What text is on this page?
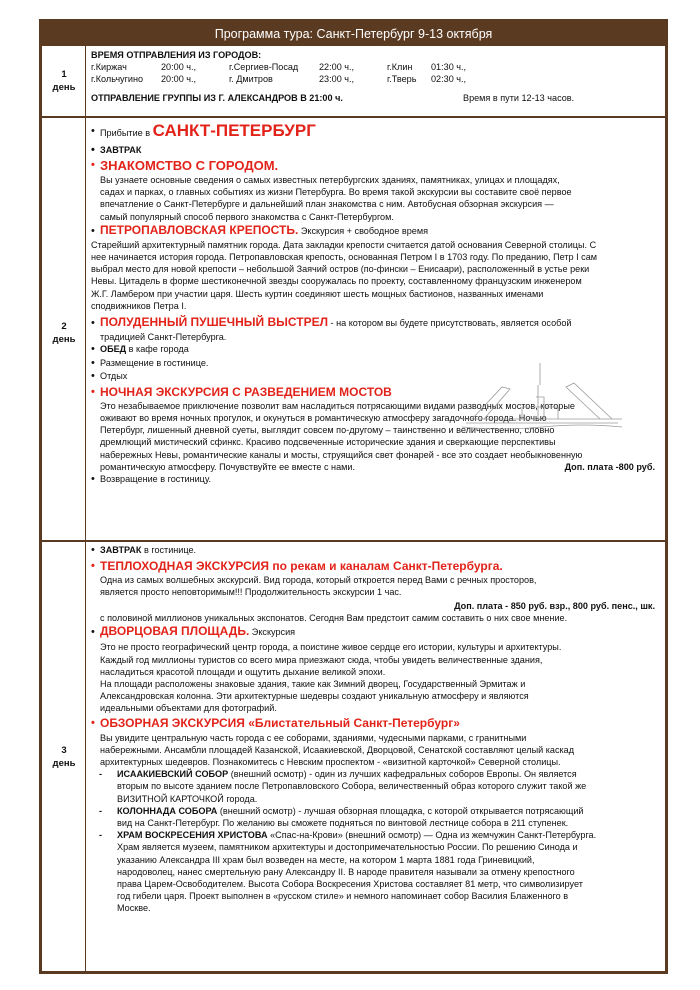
Программа тура: Санкт-Петербург 9-13 октября
1
день
ВРЕМЯ ОТПРАВЛЕНИЯ ИЗ ГОРОДОВ:
г.Киржач	20:00 ч.,	г.Сергиев-Посад 22:00 ч.,	г.Клин 01:30 ч.,
г.Кольчугино 20:00 ч.,	г. Дмитров	23:00 ч.,	г.Тверь 02:30 ч.,
ОТПРАВЛЕНИЕ ГРУППЫ ИЗ Г. АЛЕКСАНДРОВ В 21:00 ч.	Время в пути 12-13 часов.
2
день
• Прибытие в САНКТ-ПЕТЕРБУРГ
• ЗАВТРАК
• ЗНАКОМСТВО С ГОРОДОМ.
Вы узнаете основные сведения о самых известных петербургских зданиях, памятниках, улицах и площадях,
садах и парках, о главных событиях из жизни Петербурга. Во время такой экскурсии вы составите своё первое
впечатление о Санкт-Петербурге и дальнейший план знакомства с ним. Автобусная обзорная экскурсия —
самый популярный способ первого знакомства с Санкт-Петербургом.
• ПЕТРОПАВЛОВСКАЯ КРЕПОСТЬ. Экскурсия + свободное время
Старейший архитектурный памятник города. Дата закладки крепости считается датой основания Северной столицы. С
нее начинается история города. Петропавловская крепость, основанная Петром I в 1703 году. По преданию, Петр I сам
выбрал место для новой крепости – небольшой Заячий остров (по-фински – Енисаари), расположенный в устье реки
Невы. Цитадель в форме шестиконечной звезды сооружалась по проекту, составленному французским инженером
Ж.Г. Ламбером при участии царя. Шесть куртин соединяют шесть мощных бастионов, названных именами
сподвижников Петра I.
• ПОЛУДЕННЫЙ ПУШЕЧНЫЙ ВЫСТРЕЛ - на котором вы будете присутствовать, является особой
традицией Санкт-Петербурга.
• ОБЕД в кафе города
• Размещение в гостинице.
• Отдых
• НОЧНАЯ ЭКСКУРСИЯ С РАЗВЕДЕНИЕМ МОСТОВ
Это незабываемое приключение позволит вам насладиться потрясающими видами разводных мостов, которые
оживают во время ночных прогулок, и окунуться в романтическую атмосферу загадочного города. Ночью
Петербург, лишенный дневной суеты, выглядит совсем по-другому – таинственно и величественно, словно
дремлющий мистический сфинкс. Красиво подсвеченные исторические здания и сверкающие перспективы
набережных Невы, романтические каналы и мосты, струящийся свет фонарей - все это создает необыкновенную
романтическую атмосферу. Почувствуйте ее вместе с нами.	Доп. плата -800 руб.
• Возвращение в гостиницу.
3
день
• ЗАВТРАК в гостинице.
• ТЕПЛОХОДНАЯ ЭКСКУРСИЯ по рекам и каналам Санкт-Петербурга.
Одна из самых волшебных экскурсий. Вид города, который откроется перед Вами с речных просторов,
является просто неповторимым!!! Продолжительность экскурсии 1 час.
Доп. плата - 850 руб. взр., 800 руб. пенс., шк.
с половиной миллионов уникальных экспонатов. Сегодня Вам предстоит самим составить о них свое мнение.
• ДВОРЦОВАЯ ПЛОЩАДЬ. Экскурсия
Это не просто географический центр города, а поистине живое сердце его истории, культуры и архитектуры.
Каждый год миллионы туристов со всего мира приезжают сюда, чтобы увидеть величественные здания,
насладиться красотой площади и ощутить дыхание великой эпохи.
На площади расположены знаковые здания, такие как Зимний дворец, Государственный Эрмитаж и
Александровская колонна. Эти архитектурные шедевры создают уникальную атмосферу и являются
идеальными объектами для фотографий.
• ОБЗОРНАЯ ЭКСКУРСИЯ «Блистательный Санкт-Петербург»
Вы увидите центральную часть города с ее соборами, зданиями, чудесными парками, с гранитными
набережными. Ансамбли площадей Казанской, Исаакиевской, Дворцовой, Сенатской составляют целый каскад
архитектурных шедевров. Познакомитесь с Невским проспектом - «визитной карточкой» Северной столицы.
- ИСААКИЕВСКИЙ СОБОР (внешний осмотр) - один из лучших кафедральных соборов Европы. Он является
вторым по высоте зданием после Петропавловского Собора, величественный образ которого служит такой же
ВИЗИТНОЙ КАРТОЧКОЙ города.
- КОЛОННАДА СОБОРА (внешний осмотр) - лучшая обзорная площадка, с которой открывается потрясающий
вид на Санкт-Петербург. По желанию вы сможете подняться по винтовой лестнице собора в 211 ступенек.
- ХРАМ ВОСКРЕСЕНИЯ ХРИСТОВА «Спас-на-Крови» (внешний осмотр) — Одна из жемчужин Санкт-Петербурга.
Храм является музеем, памятником архитектуры и достопримечательностью России. По решению Синода и
указанию Александра III храм был возведен на месте, на котором 1 марта 1881 года Гриневицкий,
народоволец, нанес смертельную рану Александру II. В народе правителя называли за отмену крепостного
права Царем-Освободителем. Высота Собора Воскресения Христова составляет 81 метр, что символизирует
год гибели царя. Проект выполнен в «русском стиле» и немного напоминает собор Василия Блаженного в
Москве.
